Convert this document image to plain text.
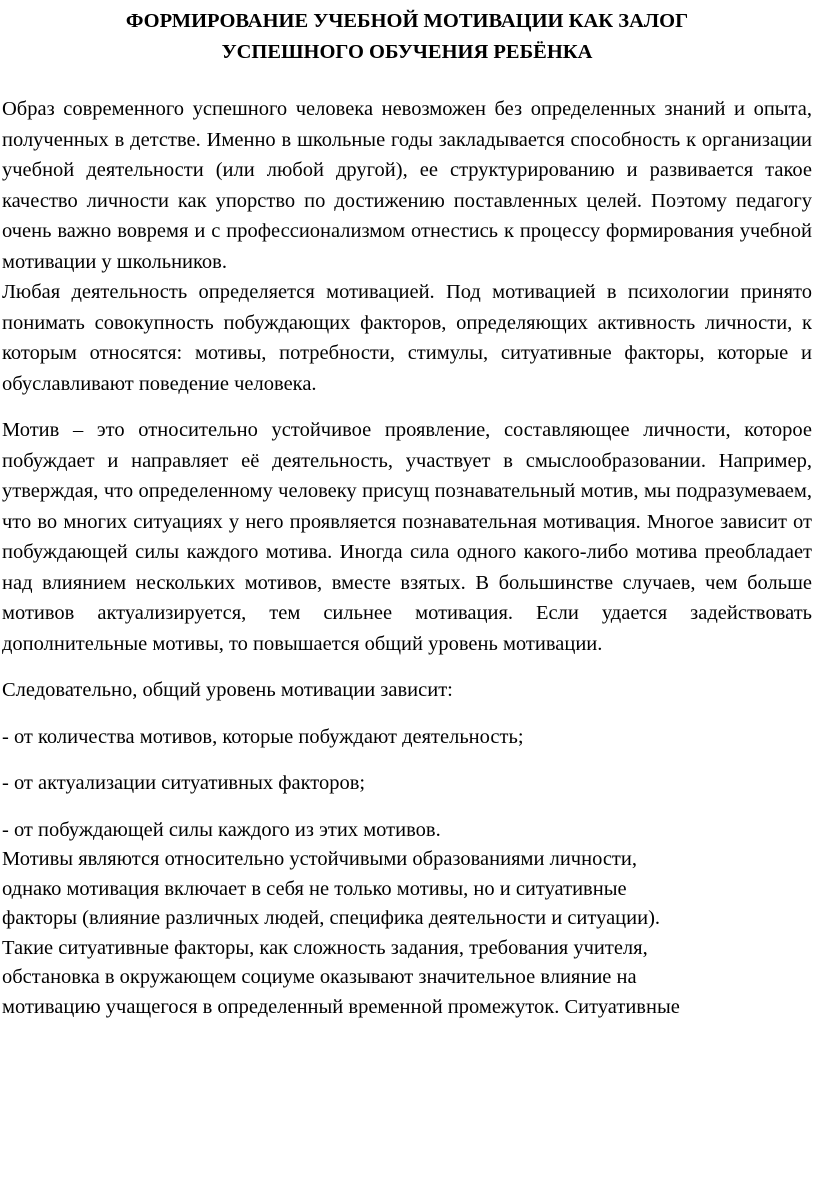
ФОРМИРОВАНИЕ УЧЕБНОЙ МОТИВАЦИИ КАК ЗАЛОГ
УСПЕШНОГО ОБУЧЕНИЯ РЕБЁНКА

Образ современного успешного человека невозможен без определенных знаний и опыта, полученных в детстве. Именно в школьные годы закладывается способность к организации учебной деятельности (или любой другой), ее структурированию и развивается такое качество личности как упорство по достижению поставленных целей. Поэтому педагогу очень важно вовремя и с профессионализмом отнестись к процессу формирования учебной мотивации у школьников.

Любая деятельность определяется мотивацией. Под мотивацией в психологии принято понимать совокупность побуждающих факторов, определяющих активность личности, к которым относятся: мотивы, потребности, стимулы, ситуативные факторы, которые и обуславливают поведение человека.

Мотив – это относительно устойчивое проявление, составляющее личности, которое побуждает и направляет её деятельность, участвует в смыслообразовании. Например, утверждая, что определенному человеку присущ познавательный мотив, мы подразумеваем, что во многих ситуациях у него проявляется познавательная мотивация. Многое зависит от побуждающей силы каждого мотива. Иногда сила одного какого-либо мотива преобладает над влиянием нескольких мотивов, вместе взятых. В большинстве случаев, чем больше мотивов актуализируется, тем сильнее мотивация. Если удается задействовать дополнительные мотивы, то повышается общий уровень мотивации.

Следовательно, общий уровень мотивации зависит:

- от количества мотивов, которые побуждают деятельность;

- от актуализации ситуативных факторов;

- от побуждающей силы каждого из этих мотивов.

Мотивы являются относительно устойчивыми образованиями личности,
однако мотивация включает в себя не только мотивы, но и ситуативные
факторы (влияние различных людей, специфика деятельности и ситуации).
Такие ситуативные факторы, как сложность задания, требования учителя,
обстановка в окружающем социуме оказывают значительное влияние на
мотивацию учащегося в определенный временной промежуток. Ситуативные
